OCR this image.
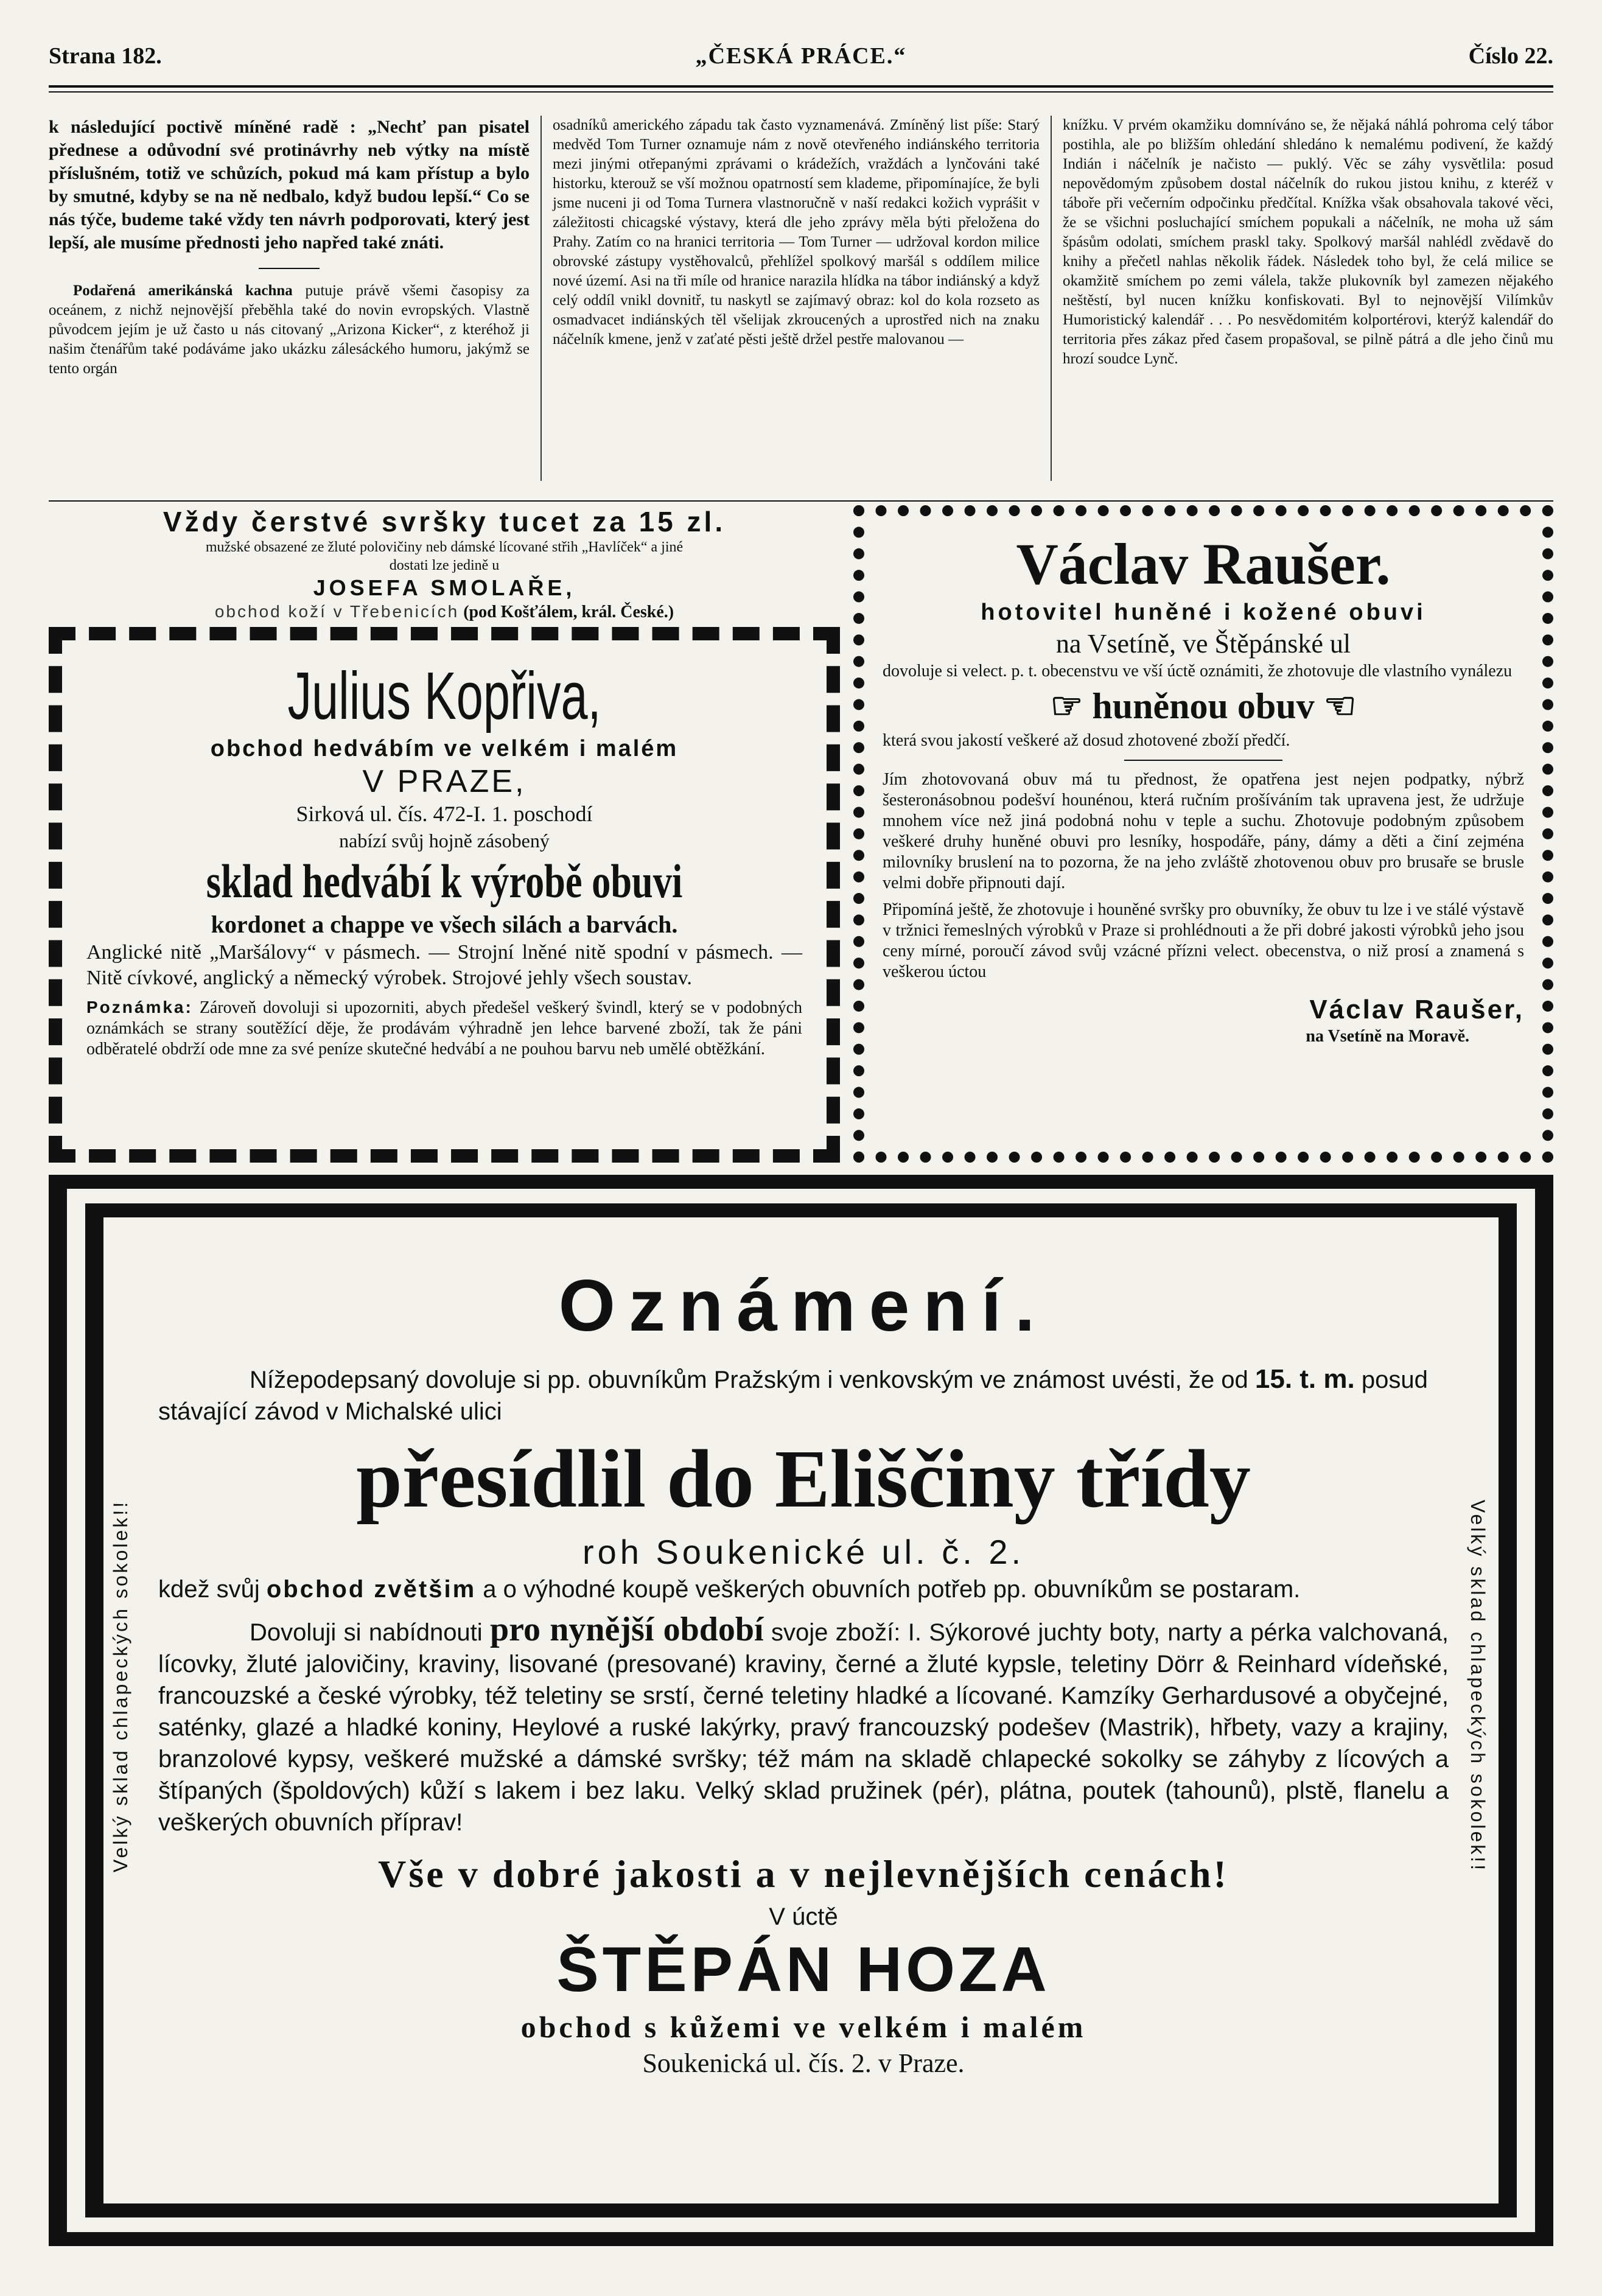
Strana 182.	„ČESKÁ PRÁCE.“	Číslo 22.

k následující poctivě míněné radě : „Nechť pan pisatel přednese a odůvodní své protinávrhy neb výtky na místě příslušném, totiž ve schůzích, pokud má kam přístup a bylo by smutné, kdyby se na ně nedbalo, když budou lepší.“ Co se nás týče, budeme také vždy ten návrh podporovati, který jest lepší, ale musíme přednosti jeho napřed také znáti.

Podařená amerikánská kachna putuje právě všemi časopisy za oceánem, z nichž nejnovější přeběhla také do novin evropských. Vlastně původcem jejím je už často u nás citovaný „Arizona Kicker“, z kteréhož ji našim čtenářům také podáváme jako ukázku zálesáckého humoru, jakýmž se tento orgán

osadníků amerického západu tak často vyznamenává. Zmíněný list píše: Starý medvěd Tom Turner oznamuje nám z nově otevřeného indiánského territoria mezi jinými otřepanými zprávami o krádežích, vraždách a lynčováni také historku, kterouž se vší možnou opatrností sem klademe, připomínajíce, že byli jsme nuceni ji od Toma Turnera vlastnoručně v naší redakci kožich vyprášit v záležitosti chicagské výstavy, která dle jeho zprávy měla býti přeložena do Prahy. Zatím co na hranici territoria — Tom Turner — udržoval kordon milice obrovské zástupy vystěhovalců, přehlížel spolkový maršál s oddílem milice nové území. Asi na tři míle od hranice narazila hlídka na tábor indiánský a když celý oddíl vnikl dovnitř, tu naskytl se zajímavý obraz: kol do kola rozseto as osmadvacet indiánských těl všelijak zkroucených a uprostřed nich na znaku náčelník kmene, jenž v zaťaté pěsti ještě držel pestře malovanou —

knížku. V prvém okamžiku domníváno se, že nějaká náhlá pohroma celý tábor postihla, ale po bližším ohledání shledáno k nemalému podivení, že každý Indián i náčelník je načisto — puklý. Věc se záhy vysvětlila: posud nepovědomým způsobem dostal náčelník do rukou jistou knihu, z kteréž v táboře při večerním odpočinku předčítal. Knížka však obsahovala takové věci, že se všichni posluchající smíchem popukali a náčelník, ne moha už sám špásům odolati, smíchem praskl taky. Spolkový maršál nahlédl zvědavě do knihy a přečetl nahlas několik řádek. Následek toho byl, že celá milice se okamžitě smíchem po zemi válela, takže plukovník byl zamezen nějakého neštěstí, byl nucen knížku konfiskovati. Byl to nejnovější Vilímkův Humoristický kalendář . . . Po nesvědomitém kolportérovi, kterýž kalendář do territoria přes zákaz před časem propašoval, se pilně pátrá a dle jeho činů mu hrozí soudce Lynč.

Vždy čerstvé svršky tucet za 15 zl.
mužské obsazené ze žluté polovičiny neb dámské lícované střih „Havlíček“ a jiné
dostati lze jedině u
JOSEFA SMOLAŘE,
obchod koží v Třebenicích (pod Košťálem, král. České.)
Julius Kopřiva,
obchod hedvábím ve velkém i malém
V PRAZE,
Sirková ul. čís. 472-I. 1. poschodí
nabízí svůj hojně zásobený
sklad hedvábí k výrobě obuvi
kordonet a chappe ve všech silách a barvách.
Anglické nitě „Maršálovy“ v pásmech. — Strojní lněné nitě spodní v pásmech. — Nitě cívkové, anglický a německý výrobek. Strojové jehly všech soustav.
Poznámka: Zároveň dovoluji si upozorniti, abych předešel veškerý švindl, který se v podobných oznámkách se strany soutěžící děje, že prodávám výhradně jen lehce barvené zboží, tak že páni odběratelé obdrží ode mne za své peníze skutečné hedvábí a ne pouhou barvu neb umělé obtěžkání.
Václav Raušer.
hotovitel huněné i kožené obuvi
na Vsetíně, ve Štěpánské ul
dovoluje si velect. p. t. obecenstvu ve vší úctě oznámiti, že zhotovuje dle vlastního vynálezu
☞ huněnou obuv ☜
která svou jakostí veškeré až dosud zhotovené zboží předčí.
Jím zhotovovaná obuv má tu přednost, že opatřena jest nejen podpatky, nýbrž šesteronásobnou podešví hounénou, která ručním prošíváním tak upravena jest, že udržuje mnohem více než jiná podobná nohu v teple a suchu. Zhotovuje podobným způsobem veškeré druhy huněné obuvi pro lesníky, hospodáře, pány, dámy a děti a činí zejména milovníky bruslení na to pozorna, že na jeho zvláště zhotovenou obuv pro brusaře se brusle velmi dobře připnouti dají.
Připomíná ještě, že zhotovuje i houněné svršky pro obuvníky, že obuv tu lze i ve stálé výstavě v tržnici řemeslných výrobků v Praze si prohlédnouti a že při dobré jakosti výrobků jeho jsou ceny mírné, poroučí závod svůj vzácné přízni velect. obecenstva, o niž prosí a znamená s veškerou úctou
Václav Raušer,
na Vsetíně na Moravě.
Velký sklad chlapeckých sokolek!!	Velký sklad chlapeckých sokolek!!
Oznámení.
Nížepodepsaný dovoluje si pp. obuvníkům Pražským i venkovským ve známost uvésti, že od 15. t. m. posud stávající závod v Michalské ulici
přesídlil do Eliščiny třídy
roh Soukenické ul. č. 2.
kdež svůj obchod zvětšim a o výhodné koupě veškerých obuvních potřeb pp. obuvníkům se postaram.
Dovoluji si nabídnouti pro nynější období svoje zboží: I. Sýkorové juchty boty, narty a pérka valchovaná, lícovky, žluté jalovičiny, kraviny, lisované (presované) kraviny, černé a žluté kypsle, teletiny Dörr & Reinhard vídeňské, francouzské a české výrobky, též teletiny se srstí, černé teletiny hladké a lícované. Kamzíky Gerhardusové a obyčejné, saténky, glazé a hladké koniny, Heylové a ruské lakýrky, pravý francouzský podešev (Mastrik), hřbety, vazy a krajiny, branzolové kypsy, veškeré mužské a dámské svršky; též mám na skladě chlapecké sokolky se záhyby z lícových a štípaných (špoldových) kůží s lakem i bez laku. Velký sklad pružinek (pér), plátna, poutek (tahounů), plstě, flanelu a veškerých obuvních příprav!
Vše v dobré jakosti a v nejlevnějších cenách!
V úctě
ŠTĚPÁN HOZA
obchod s kůžemi ve velkém i malém
Soukenická ul. čís. 2. v Praze.
